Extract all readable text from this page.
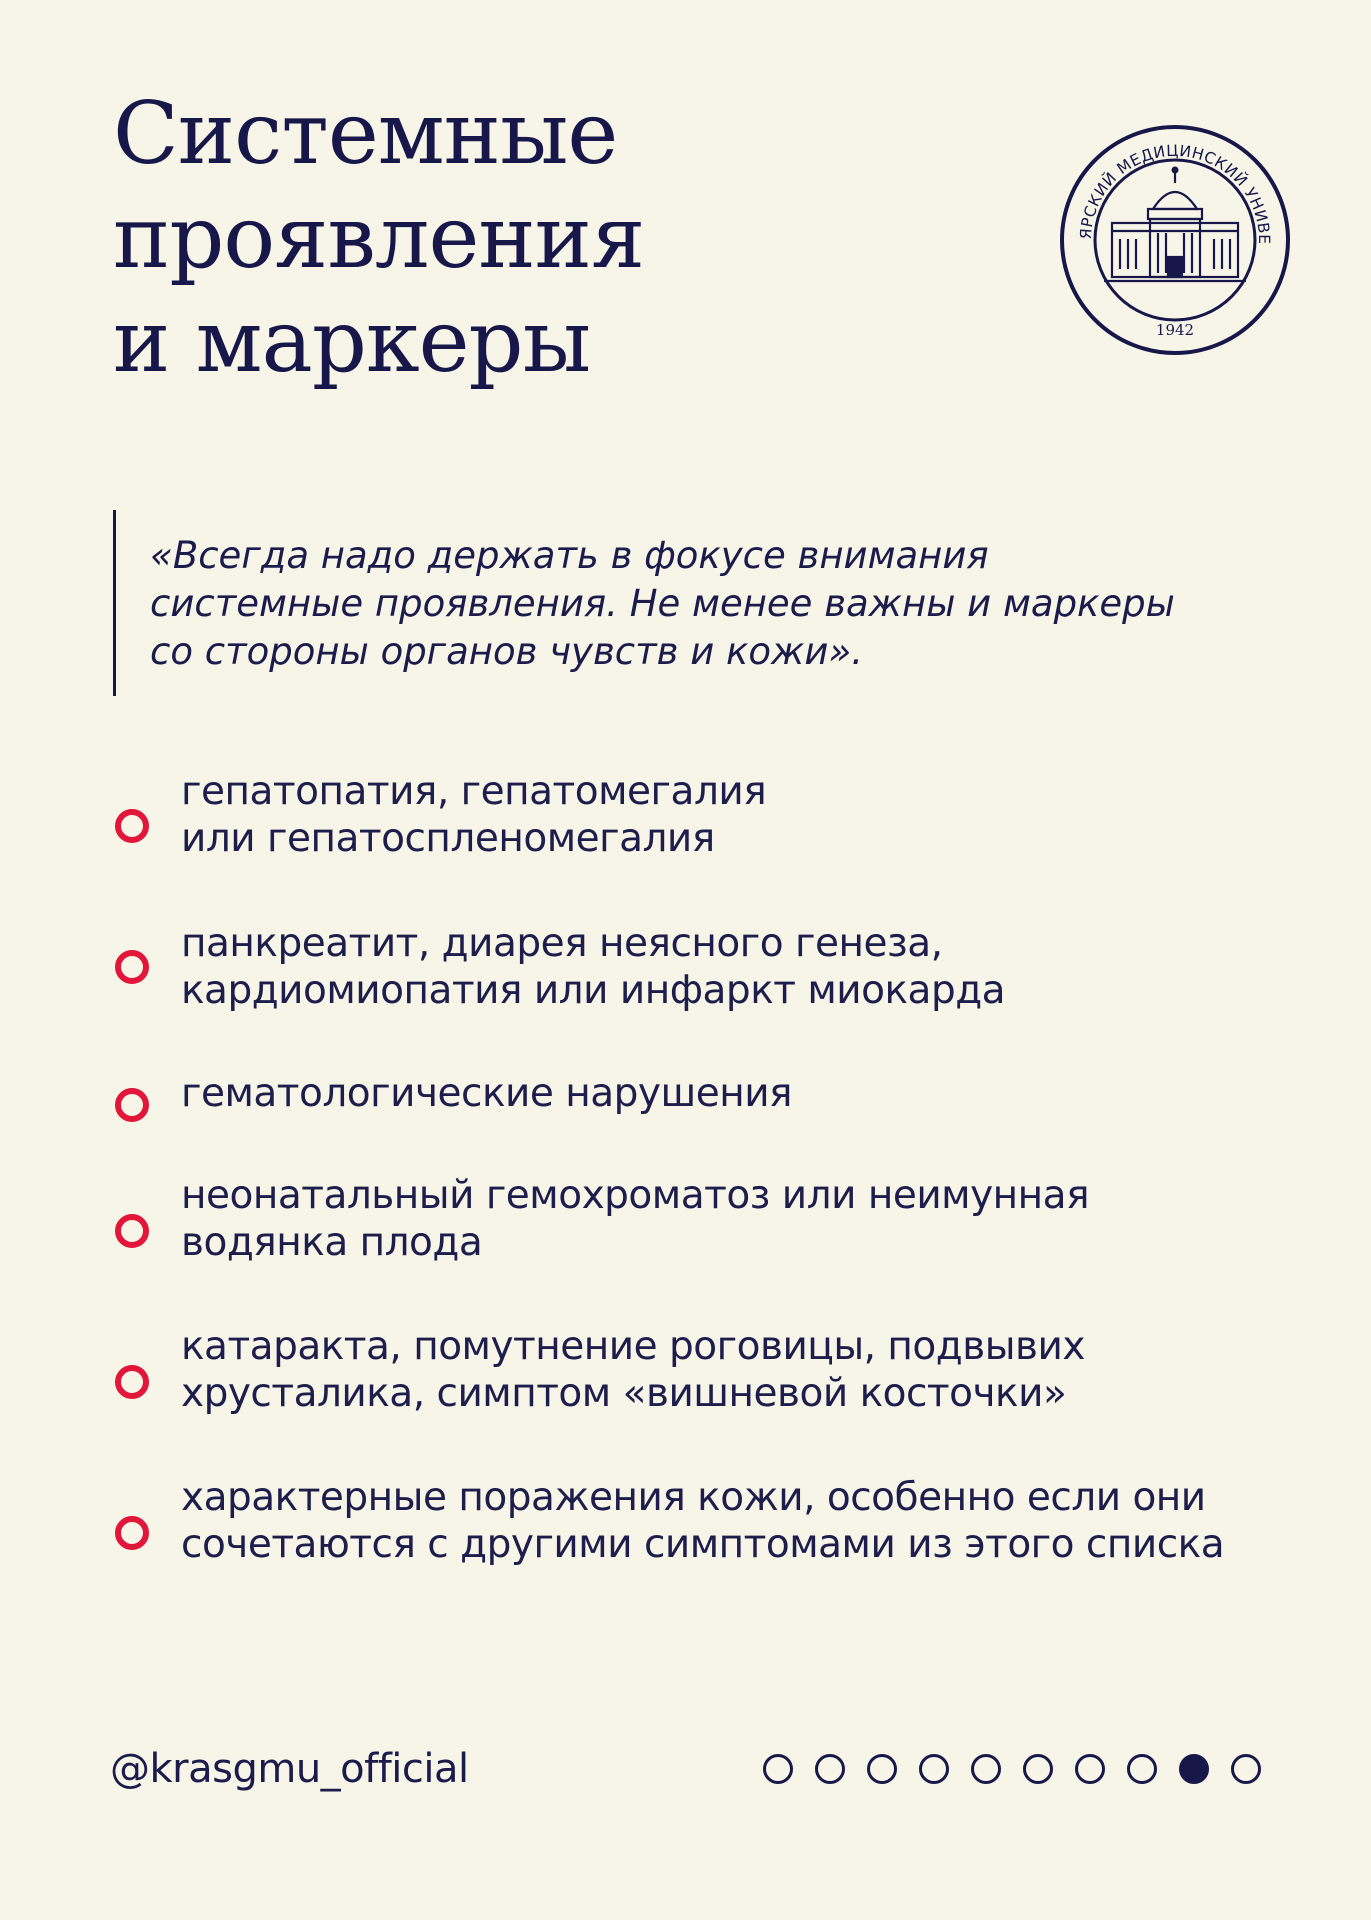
Системные
проявления
и маркеры
ЯРСКИЙ МЕДИЦИНСКИЙ УНИВЕ
1942

«Всегда надо держать в фокусе внимания
системные проявления. Не менее важны и маркеры
со стороны органов чувств и кожи».

гепатопатия, гепатомегалия
или гепатоспленомегалия
панкреатит, диарея неясного генеза,
кардиомиопатия или инфаркт миокарда
гематологические нарушения
неонатальный гемохроматоз или неимунная
водянка плода
катаракта, помутнение роговицы, подвывих
хрусталика, симптом «вишневой косточки»
характерные поражения кожи, особенно если они
сочетаются с другими симптомами из этого списка
@krasgmu_official
